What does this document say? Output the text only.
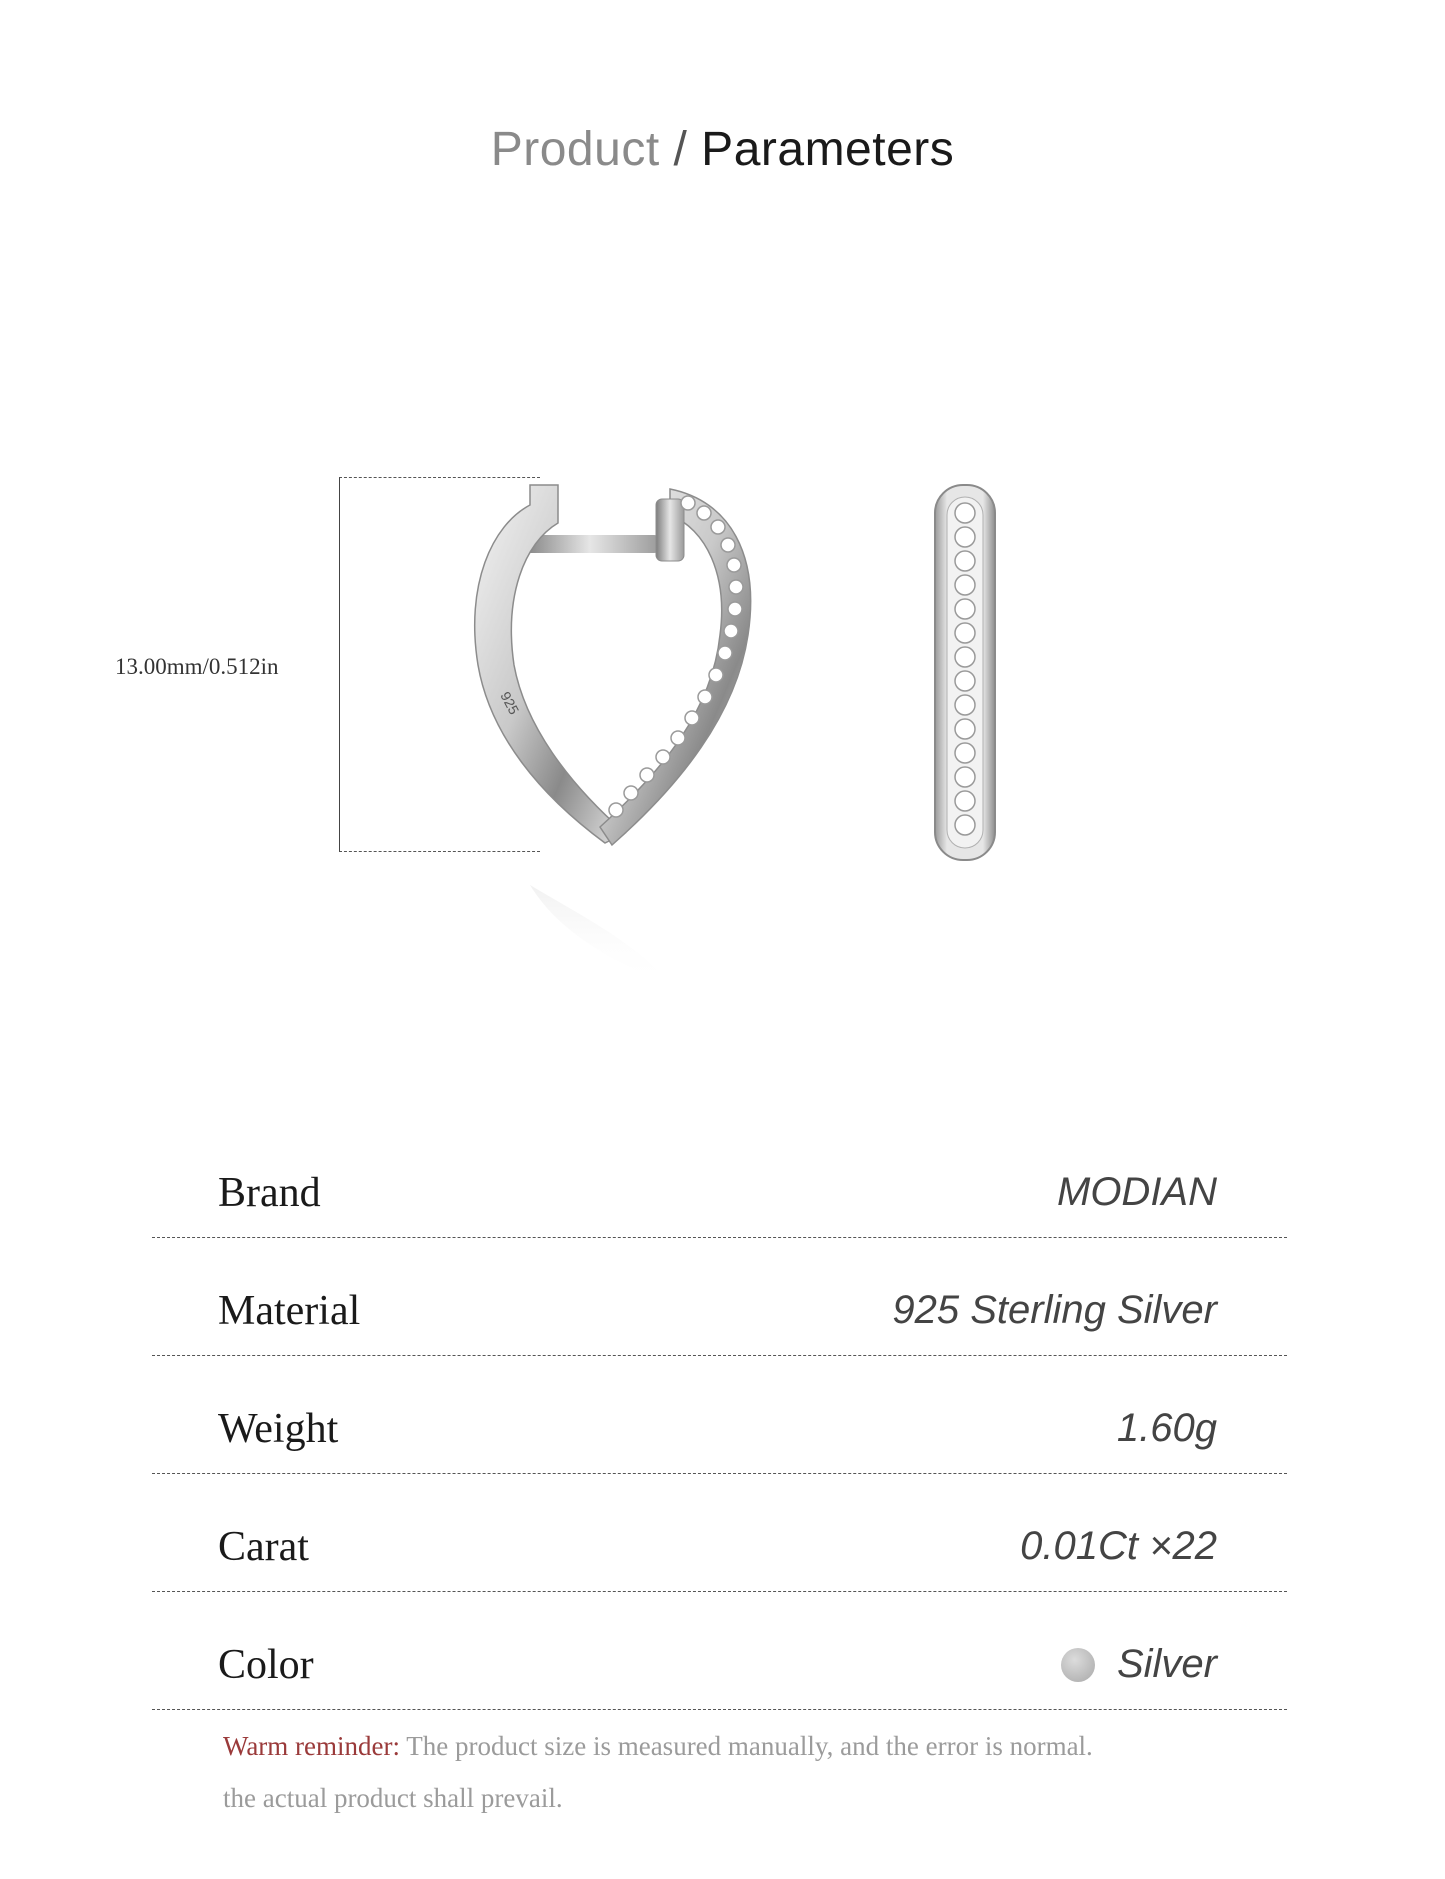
Product / Parameters
13.00mm/0.512in
925
Brand	MODIAN
Material	925 Sterling Silver
Weight	1.60g
Carat	0.01Ct ×22
Color	Silver
Warm reminder: The product size is measured manually, and the error is normal.
the actual product shall prevail.
